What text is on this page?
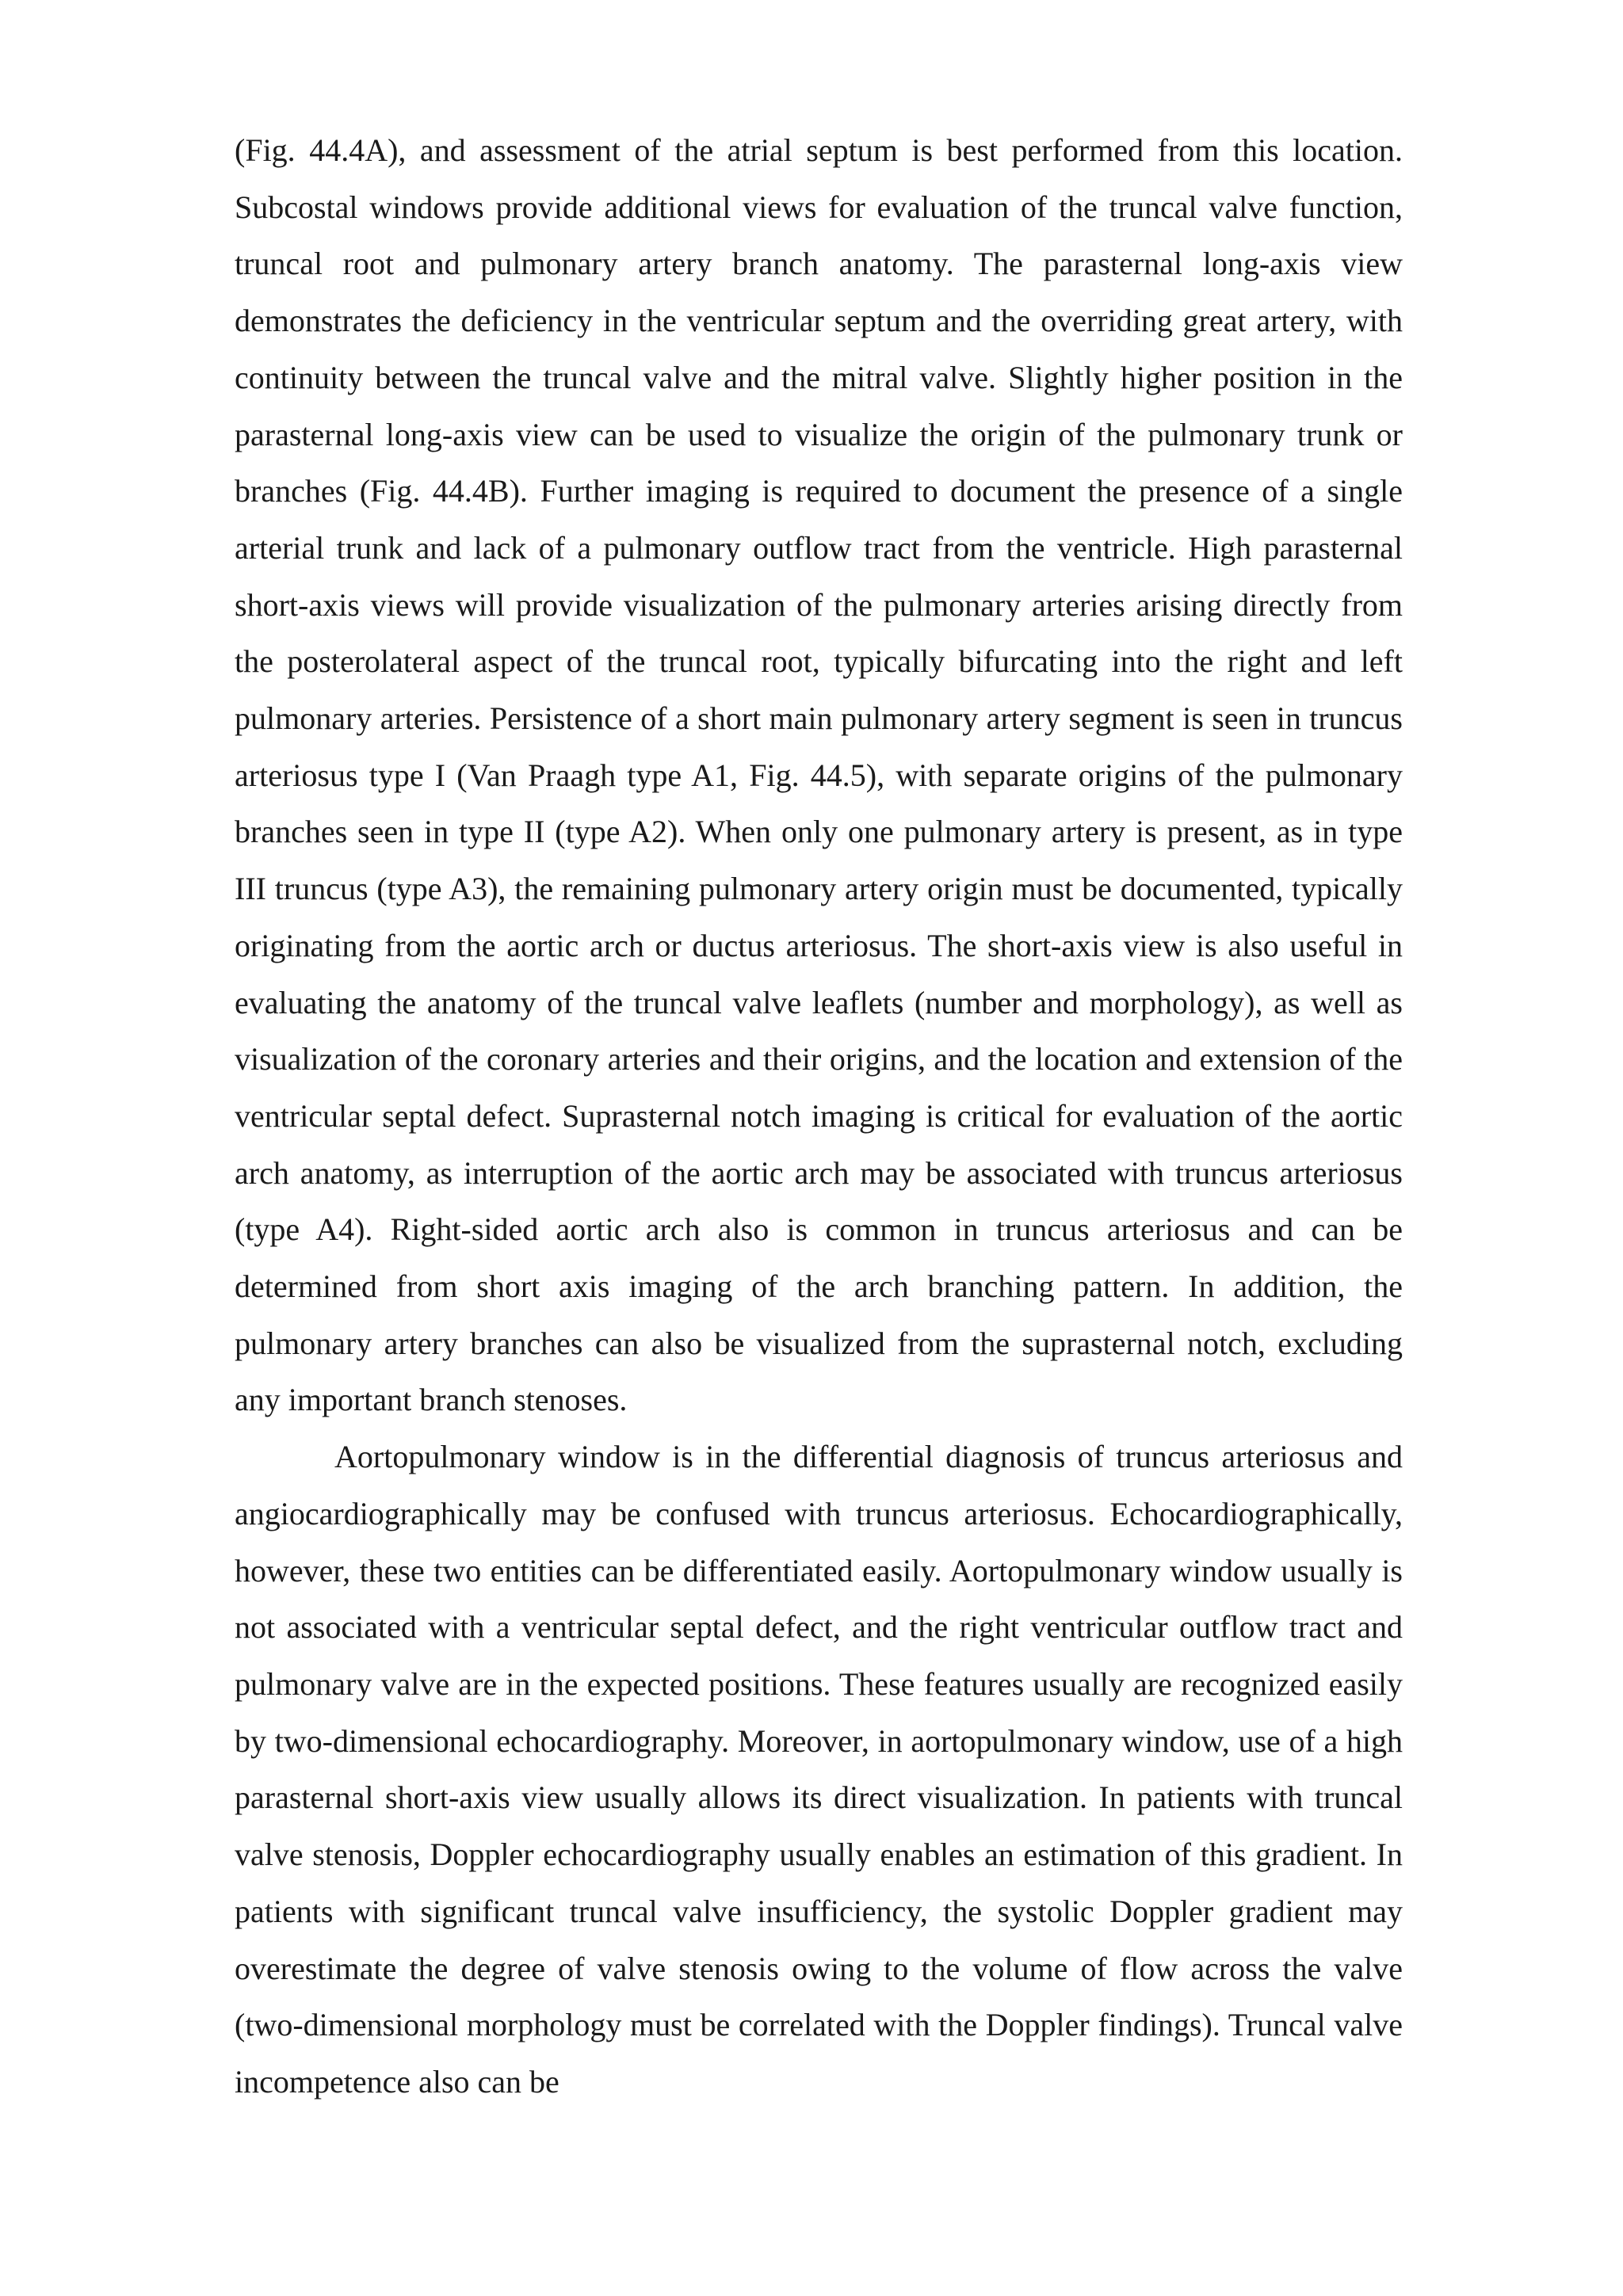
(Fig. 44.4A), and assessment of the atrial septum is best performed from this location. Subcostal windows provide additional views for evaluation of the truncal valve function, truncal root and pulmonary artery branch anatomy. The parasternal long-axis view demonstrates the deficiency in the ventricular septum and the overriding great artery, with continuity between the truncal valve and the mitral valve. Slightly higher position in the parasternal long-axis view can be used to visualize the origin of the pulmonary trunk or branches (Fig. 44.4B). Further imaging is required to document the presence of a single arterial trunk and lack of a pulmonary outflow tract from the ventricle. High parasternal short-axis views will provide visualization of the pulmonary arteries arising directly from the posterolateral aspect of the truncal root, typically bifurcating into the right and left pulmonary arteries. Persistence of a short main pulmonary artery segment is seen in truncus arteriosus type I (Van Praagh type A1, Fig. 44.5), with separate origins of the pulmonary branches seen in type II (type A2). When only one pulmonary artery is present, as in type III truncus (type A3), the remaining pulmonary artery origin must be documented, typically originating from the aortic arch or ductus arteriosus. The short-axis view is also useful in evaluating the anatomy of the truncal valve leaflets (number and morphology), as well as visualization of the coronary arteries and their origins, and the location and extension of the ventricular septal defect. Suprasternal notch imaging is critical for evaluation of the aortic arch anatomy, as interruption of the aortic arch may be associated with truncus arteriosus (type A4). Right-sided aortic arch also is common in truncus arteriosus and can be determined from short axis imaging of the arch branching pattern. In addition, the pulmonary artery branches can also be visualized from the suprasternal notch, excluding any important branch stenoses.

Aortopulmonary window is in the differential diagnosis of truncus arteriosus and angiocardiographically may be confused with truncus arteriosus. Echocardiographically, however, these two entities can be differentiated easily. Aortopulmonary window usually is not associated with a ventricular septal defect, and the right ventricular outflow tract and pulmonary valve are in the expected positions. These features usually are recognized easily by two-dimensional echocardiography. Moreover, in aortopulmonary window, use of a high parasternal short-axis view usually allows its direct visualization. In patients with truncal valve stenosis, Doppler echocardiography usually enables an estimation of this gradient. In patients with significant truncal valve insufficiency, the systolic Doppler gradient may overestimate the degree of valve stenosis owing to the volume of flow across the valve (two-dimensional morphology must be correlated with the Doppler findings). Truncal valve incompetence also can be
